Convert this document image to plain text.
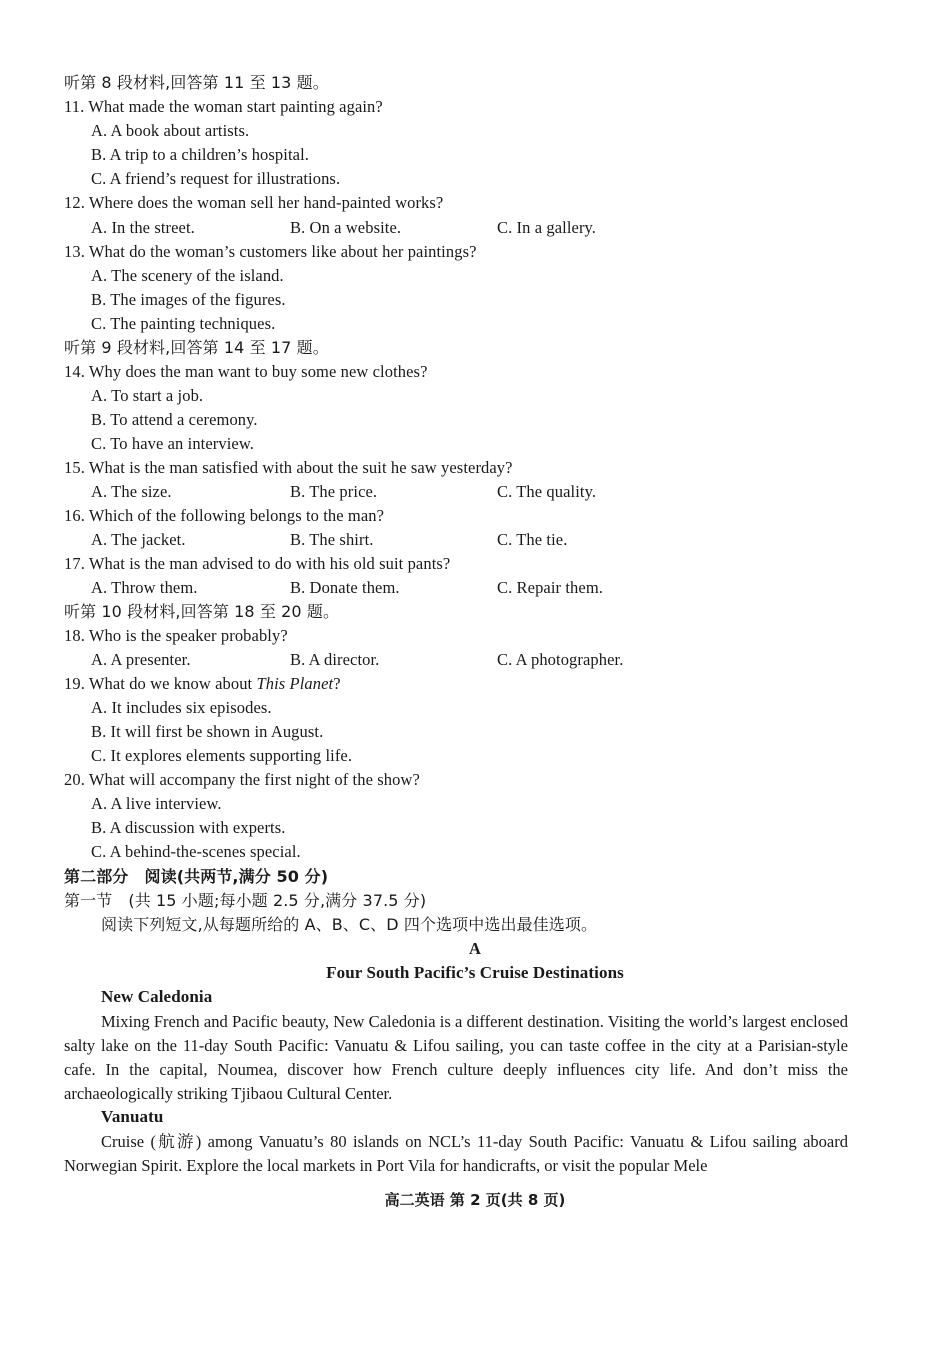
听第 8 段材料,回答第 11 至 13 题。
11. What made the woman start painting again?
A. A book about artists.
B. A trip to a children’s hospital.
C. A friend’s request for illustrations.
12. Where does the woman sell her hand-painted works?
A. In the street.	B. On a website.	C. In a gallery.
13. What do the woman’s customers like about her paintings?
A. The scenery of the island.
B. The images of the figures.
C. The painting techniques.
听第 9 段材料,回答第 14 至 17 题。
14. Why does the man want to buy some new clothes?
A. To start a job.
B. To attend a ceremony.
C. To have an interview.
15. What is the man satisfied with about the suit he saw yesterday?
A. The size.	B. The price.	C. The quality.
16. Which of the following belongs to the man?
A. The jacket.	B. The shirt.	C. The tie.
17. What is the man advised to do with his old suit pants?
A. Throw them.	B. Donate them.	C. Repair them.
听第 10 段材料,回答第 18 至 20 题。
18. Who is the speaker probably?
A. A presenter.	B. A director.	C. A photographer.
19. What do we know about This Planet?
A. It includes six episodes.
B. It will first be shown in August.
C. It explores elements supporting life.
20. What will accompany the first night of the show?
A. A live interview.
B. A discussion with experts.
C. A behind-the-scenes special.
第二部分　阅读(共两节,满分 50 分)
第一节　(共 15 小题;每小题 2.5 分,满分 37.5 分)
阅读下列短文,从每题所给的 A、B、C、D 四个选项中选出最佳选项。
A
Four South Pacific’s Cruise Destinations
New Caledonia
Mixing French and Pacific beauty, New Caledonia is a different destination. Visiting the world’s largest enclosed salty lake on the 11-day South Pacific: Vanuatu & Lifou sailing, you can taste coffee in the city at a Parisian-style cafe. In the capital, Noumea, discover how French culture deeply influences city life. And don’t miss the archaeologically striking Tjibaou Cultural Center.
Vanuatu
Cruise (航游) among Vanuatu’s 80 islands on NCL’s 11-day South Pacific: Vanuatu & Lifou sailing aboard Norwegian Spirit. Explore the local markets in Port Vila for handicrafts, or visit the popular Mele
高二英语 第 2 页(共 8 页)
